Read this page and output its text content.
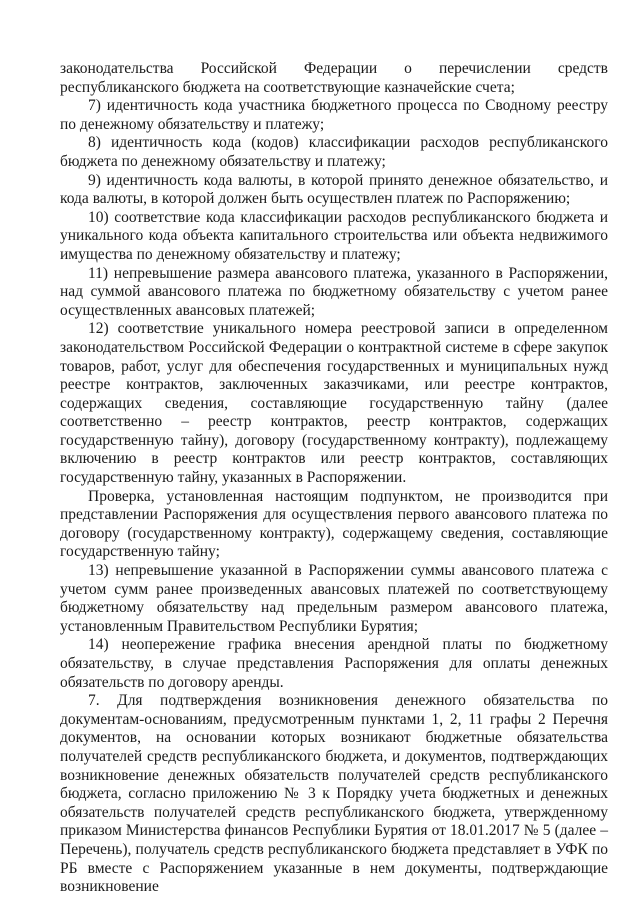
законодательства Российской Федерации о перечислении средств республиканского бюджета на соответствующие казначейские счета;

7) идентичность кода участника бюджетного процесса по Сводному реестру по денежному обязательству и платежу;

8) идентичность кода (кодов) классификации расходов республиканского бюджета по денежному обязательству и платежу;

9) идентичность кода валюты, в которой принято денежное обязательство, и кода валюты, в которой должен быть осуществлен платеж по Распоряжению;

10) соответствие кода классификации расходов республиканского бюджета и уникального кода объекта капитального строительства или объекта недвижимого имущества по денежному обязательству и платежу;

11) непревышение размера авансового платежа, указанного в Распоряжении, над суммой авансового платежа по бюджетному обязательству с учетом ранее осуществленных авансовых платежей;

12) соответствие уникального номера реестровой записи в определенном законодательством Российской Федерации о контрактной системе в сфере закупок товаров, работ, услуг для обеспечения государственных и муниципальных нужд реестре контрактов, заключенных заказчиками, или реестре контрактов, содержащих сведения, составляющие государственную тайну (далее соответственно – реестр контрактов, реестр контрактов, содержащих государственную тайну), договору (государственному контракту), подлежащему включению в реестр контрактов или реестр контрактов, составляющих государственную тайну, указанных в Распоряжении.

Проверка, установленная настоящим подпунктом, не производится при представлении Распоряжения для осуществления первого авансового платежа по договору (государственному контракту), содержащему сведения, составляющие государственную тайну;

13) непревышение указанной в Распоряжении суммы авансового платежа с учетом сумм ранее произведенных авансовых платежей по соответствующему бюджетному обязательству над предельным размером авансового платежа, установленным Правительством Республики Бурятия;

14) неопережение графика внесения арендной платы по бюджетному обязательству, в случае представления Распоряжения для оплаты денежных обязательств по договору аренды.

7. Для подтверждения возникновения денежного обязательства по документам-основаниям, предусмотренным пунктами 1, 2, 11 графы 2 Перечня документов, на основании которых возникают бюджетные обязательства получателей средств республиканского бюджета, и документов, подтверждающих возникновение денежных обязательств получателей средств республиканского бюджета, согласно приложению № 3 к Порядку учета бюджетных и денежных обязательств получателей средств республиканского бюджета, утвержденному приказом Министерства финансов Республики Бурятия от 18.01.2017 № 5 (далее – Перечень), получатель средств республиканского бюджета представляет в УФК по РБ вместе с Распоряжением указанные в нем документы, подтверждающие возникновение
